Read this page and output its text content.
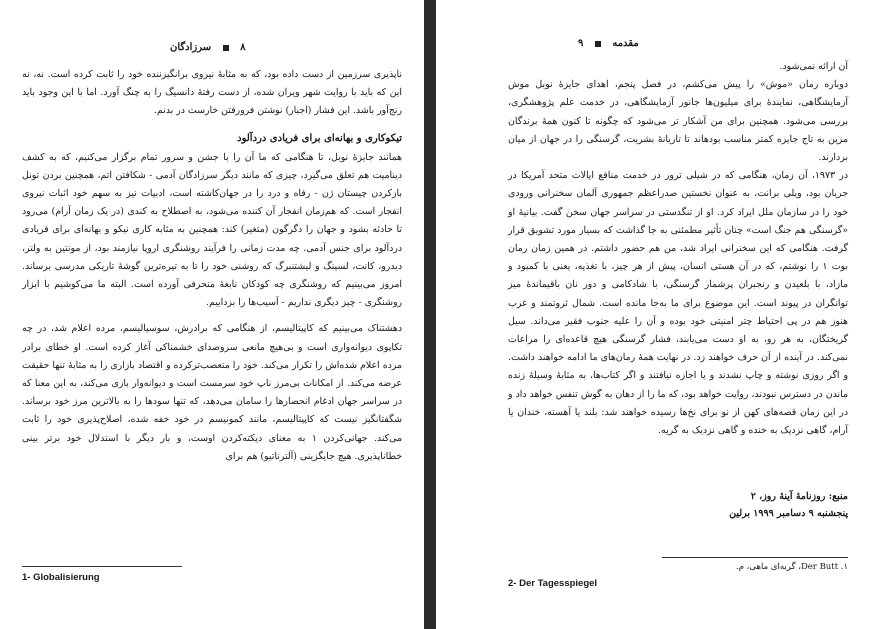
۸  سرزادگان

ناپذیری سرزمین از دست داده بود، که به مثابهٔ نیروی برانگیزننده خود را ثابت کرده است. نه، نه این که باید با روایت شهر ویران شده، از دست رفتهٔ دانسیگ را به چنگ آورد. اما با این وجود باید رنج‌آور باشد. این فشار (اجبار) نوشتن فرورفتن خارست در بدنم.

تیکوکاری و بهانه‌ای برای فریادی دردآلود

همانند جایزهٔ نوبل، تا هنگامی که ما آن را با جشن و سرور تمام برگزار می‌کنیم، که به کشف دینامیت هم تعلق می‌گیرد، چیزی که مانند دیگر سرزادگان آدمی - شکافتن اتم، همچنین بردن تونل بازکردن چیستان ژن - رفاه و درد را در جهان‌کاشته است، ادبیات نیز به سهم خود اثبات نیروی انفجار است. که هم‌زمان انفجار آن کننده می‌شود، به اصطلاح به کندی (در یک زمان آرام) می‌رود تا حادثه بشود و جهان را دگرگون (متغیر) کند: همچنین به مثابه کاری نیکو و بهانه‌ای برای فریادی دردآلود برای جنس آدمی. چه مدت زمانی را فرآیند روشنگری اروپا نیازمند بود، از مونتین به ولتر، دیدرو، کانت، لسینگ و لیشتنبرگ که روشنی خود را تا به تیره‌ترین گوشهٔ تاریکی مدرسی برساند. امروز می‌بینیم که روشنگری چه کودکان نابغهٔ منحرفی آورده است. البته ما می‌کوشیم با ابزار روشنگری - چیز دیگری نداریم - آسیب‌ها را بزداییم.

دهشتناک می‌بینیم که کاپیتالیسم، از هنگامی که برادرش، سوسیالیسم، مرده اعلام شد، در چه تکاپوی دیوانه‌واری است و بی‌هیچ مانعی سروصدای خشمناکی آغاز کرده است. او خطای برادر مرده اعلام شده‌اش را تکرار می‌کند. خود را متعصب‌ترکرده و اقتصاد بازاری را به مثابهٔ تنها حقیقت عرضه می‌کند. از امکانات بی‌مرز ناپ خود سرمست است و دیوانه‌وار بازی می‌کند، به این معنا که در سراسر جهان ادغام انحصارها را سامان می‌دهد، که تنها سودها را به بالاترین مرز خود برساند. شگفتانگیز نیست که کاپیتالیسم، مانند کمونیسم در خود خفه شده، اصلاح‌پذیری خود را ثابت می‌کند. جهانی‌کردن ۱ به معنای دیکته‌کردن اوست، و بار دیگر با استدلال خود برتر بینی خطاناپذیری. هیچ جایگزینی (آلترناتیو) هم برای

1- Globalisierung
مقدمه  ۹

آن ارائه نمی‌شود.

دوباره رمان «موش» را پیش می‌کشم، در فصل پنجم، اهدای جایزهٔ نوبل موش آزمایشگاهی، نمایندهٔ برای میلیون‌ها جانور آزمایشگاهی، در خدمت علم پژوهشگری، بررسی می‌شود. همچنین برای من آشکار تر می‌شود که چگونه تا کنون همهٔ برندگان مزین به تاج جایزه کمتر مناسب بودهاند تا تازیانهٔ بشریت، گرسنگی را در جهان از میان بردارند.

در ۱۹۷۳، آن زمان، هنگامی که در شیلی ترور در خدمت منافع ایالات متحد آمریکا در جریان بود، ویلی برانت، به عنوان نخستین صدراعظم جمهوری آلمان سخنرانی ورودی خود را در سازمان ملل ایراد کرد. او از تنگدستی در سراسر جهان سخن گفت. بیانیهٔ او «گرسنگی هم جنگ است» چنان تأثیر مطمئنی به جا گذاشت که بسیار مورد تشویق قرار گرفت. هنگامی که این سخنرانی ایراد شد، من هم حضور داشتم. در همین زمان رمان بوت ۱ را نوشتم، که در آن هستی انسان، پیش از هر چیز، با تغذیه، یعنی با کمبود و مازاد، با بلعیدن و رنجبران پرشمار گرسنگی، با شادکامی و دور نان باقیماندهٔ میز توانگران در پیوند است. این موضوع برای ما به‌جا مانده است. شمال ثروتمند و غرب هنوز هم در پی احتیاط چتر امنیتی خود بوده و آن را علیه جنوب فقیر می‌داند. سیل گریختگان، به هر رو، به او دست می‌یابند، فشار گرسنگی هیچ قاعده‌ای را مراعات نمی‌کند. در آینده از آن حرف خواهند زد. در نهایت همهٔ رمان‌های ما ادامه خواهند داشت. و اگر روزی نوشته و چاپ نشدند و یا اجازه نیافتند و اگر کتاب‌ها، به مثابهٔ وسیلهٔ زنده ماندن در دسترس نبودند، روایت خواهد بود، که ما را از دهان به گوش تنفس خواهد داد و در این زمان قصه‌های کهن از نو برای نخ‌ها رسیده خواهند شد: بلند یا آهسته، خندان یا آرام، گاهی نزدیک به خنده و گاهی نزدیک به گریه.

منبع: روزنامهٔ آینهٔ روز، ۲
پنجشنبه ۹ دسامبر ۱۹۹۹ برلین
۱. Der Butt، گربه‌ای ماهی، م.
2- Der Tagesspiegel
